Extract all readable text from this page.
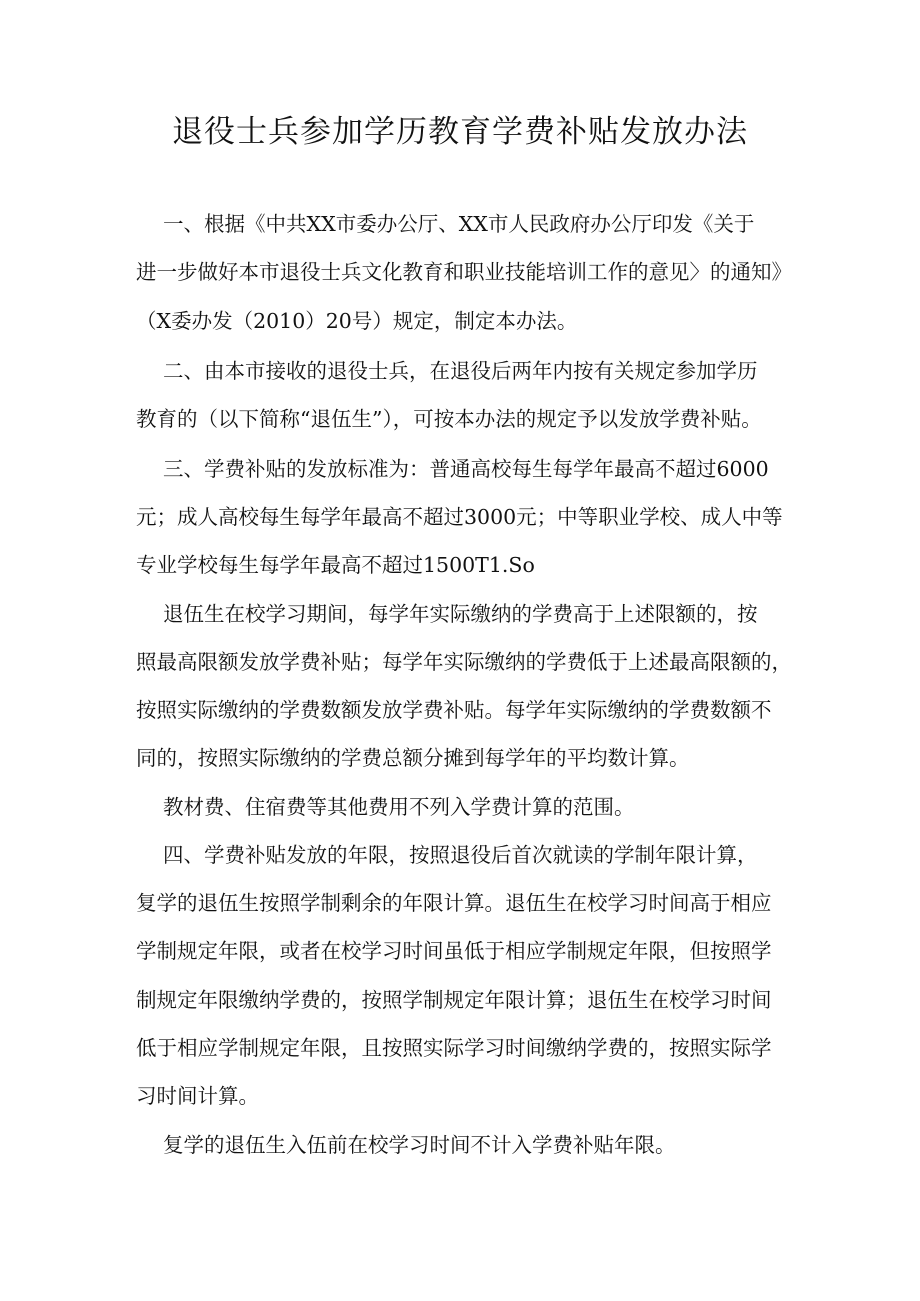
退役士兵参加学历教育学费补贴发放办法
一、根据《中共XX市委办公厅、XX市人民政府办公厅印发《关于
进一步做好本市退役士兵文化教育和职业技能培训工作的意见〉的通知》
（X委办发（2010）20号）规定，制定本办法。
二、由本市接收的退役士兵，在退役后两年内按有关规定参加学历
教育的（以下简称“退伍生”），可按本办法的规定予以发放学费补贴。
三、学费补贴的发放标准为：普通高校每生每学年最高不超过6000
元；成人高校每生每学年最高不超过3000元；中等职业学校、成人中等
专业学校每生每学年最高不超过1500T1.So
退伍生在校学习期间，每学年实际缴纳的学费高于上述限额的，按
照最高限额发放学费补贴；每学年实际缴纳的学费低于上述最高限额的，
按照实际缴纳的学费数额发放学费补贴。每学年实际缴纳的学费数额不
同的，按照实际缴纳的学费总额分摊到每学年的平均数计算。
教材费、住宿费等其他费用不列入学费计算的范围。
四、学费补贴发放的年限，按照退役后首次就读的学制年限计算，
复学的退伍生按照学制剩余的年限计算。退伍生在校学习时间高于相应
学制规定年限，或者在校学习时间虽低于相应学制规定年限，但按照学
制规定年限缴纳学费的，按照学制规定年限计算；退伍生在校学习时间
低于相应学制规定年限，且按照实际学习时间缴纳学费的，按照实际学
习时间计算。
复学的退伍生入伍前在校学习时间不计入学费补贴年限。
